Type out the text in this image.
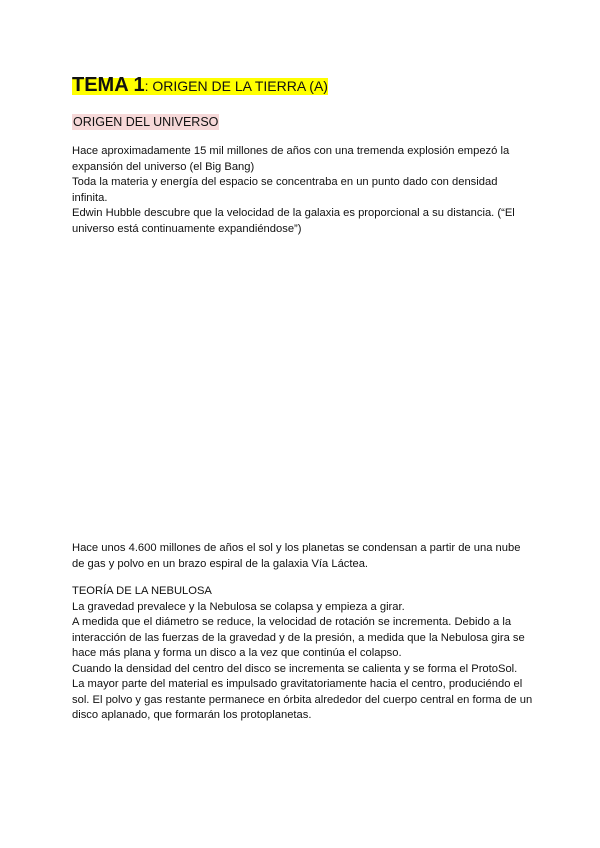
TEMA 1: ORIGEN DE LA TIERRA (A)
ORIGEN DEL UNIVERSO

Hace aproximadamente 15 mil millones de años con una tremenda explosión empezó la expansión del universo (el Big Bang)

Toda la materia y energía del espacio se concentraba en un punto dado con densidad infinita.

Edwin Hubble descubre que la velocidad de la galaxia es proporcional a su distancia. (“El universo está continuamente expandiéndose”)

Hace unos 4.600 millones de años el sol y los planetas se condensan a partir de una nube de gas y polvo en un brazo espiral de la galaxia Vía Láctea.

TEORÍA DE LA NEBULOSA

La gravedad prevalece y la Nebulosa se colapsa y empieza a girar.

A medida que el diámetro se reduce, la velocidad de rotación se incrementa. Debido a la interacción de las fuerzas de la gravedad y de la presión, a medida que la Nebulosa gira se hace más plana y forma un disco a la vez que continúa el colapso.

Cuando la densidad del centro del disco se incrementa se calienta y se forma el ProtoSol.

La mayor parte del material es impulsado gravitatoriamente hacia el centro, produciéndo el sol. El polvo y gas restante permanece en órbita alrededor del cuerpo central en forma de un disco aplanado, que formarán los protoplanetas.
